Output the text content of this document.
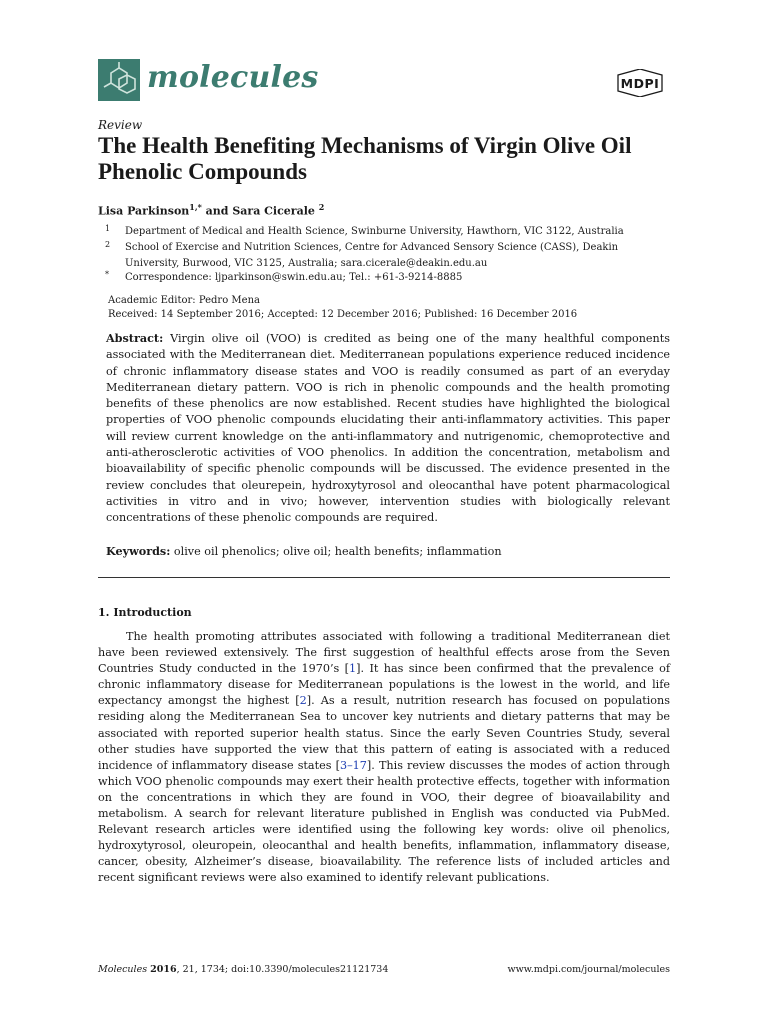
molecules	MDPI
Review
The Health Benefiting Mechanisms of Virgin Olive Oil Phenolic Compounds
Lisa Parkinson$^{1,*}$ and Sara Cicerale $^2$
1 Department of Medical and Health Science, Swinburne University, Hawthorn, VIC 3122, Australia
2 School of Exercise and Nutrition Sciences, Centre for Advanced Sensory Science (CASS), Deakin University, Burwood, VIC 3125, Australia; sara.cicerale@deakin.edu.au
* Correspondence: ljparkinson@swin.edu.au; Tel.: +61-3-9214-8885
Academic Editor: Pedro Mena
Received: 14 September 2016; Accepted: 12 December 2016; Published: 16 December 2016
Abstract: Virgin olive oil (VOO) is credited as being one of the many healthful components associated with the Mediterranean diet. Mediterranean populations experience reduced incidence of chronic inflammatory disease states and VOO is readily consumed as part of an everyday Mediterranean dietary pattern. VOO is rich in phenolic compounds and the health promoting benefits of these phenolics are now established. Recent studies have highlighted the biological properties of VOO phenolic compounds elucidating their anti-inflammatory activities. This paper will review current knowledge on the anti-inflammatory and nutrigenomic, chemoprotective and anti-atherosclerotic activities of VOO phenolics. In addition the concentration, metabolism and bioavailability of specific phenolic compounds will be discussed. The evidence presented in the review concludes that oleurepein, hydroxytyrosol and oleocanthal have potent pharmacological activities in vitro and in vivo; however, intervention studies with biologically relevant concentrations of these phenolic compounds are required.
Keywords: olive oil phenolics; olive oil; health benefits; inflammation
1. Introduction
The health promoting attributes associated with following a traditional Mediterranean diet have been reviewed extensively. The first suggestion of healthful effects arose from the Seven Countries Study conducted in the 1970’s [1]. It has since been confirmed that the prevalence of chronic inflammatory disease for Mediterranean populations is the lowest in the world, and life expectancy amongst the highest [2]. As a result, nutrition research has focused on populations residing along the Mediterranean Sea to uncover key nutrients and dietary patterns that may be associated with reported superior health status. Since the early Seven Countries Study, several other studies have supported the view that this pattern of eating is associated with a reduced incidence of inflammatory disease states [3–17]. This review discusses the modes of action through which VOO phenolic compounds may exert their health protective effects, together with information on the concentrations in which they are found in VOO, their degree of bioavailability and metabolism. A search for relevant literature published in English was conducted via PubMed. Relevant research articles were identified using the following key words: olive oil phenolics, hydroxytyrosol, oleuropein, oleocanthal and health benefits, inflammation, inflammatory disease, cancer, obesity, Alzheimer’s disease, bioavailability. The reference lists of included articles and recent significant reviews were also examined to identify relevant publications.
Molecules 2016, 21, 1734; doi:10.3390/molecules21121734	www.mdpi.com/journal/molecules
